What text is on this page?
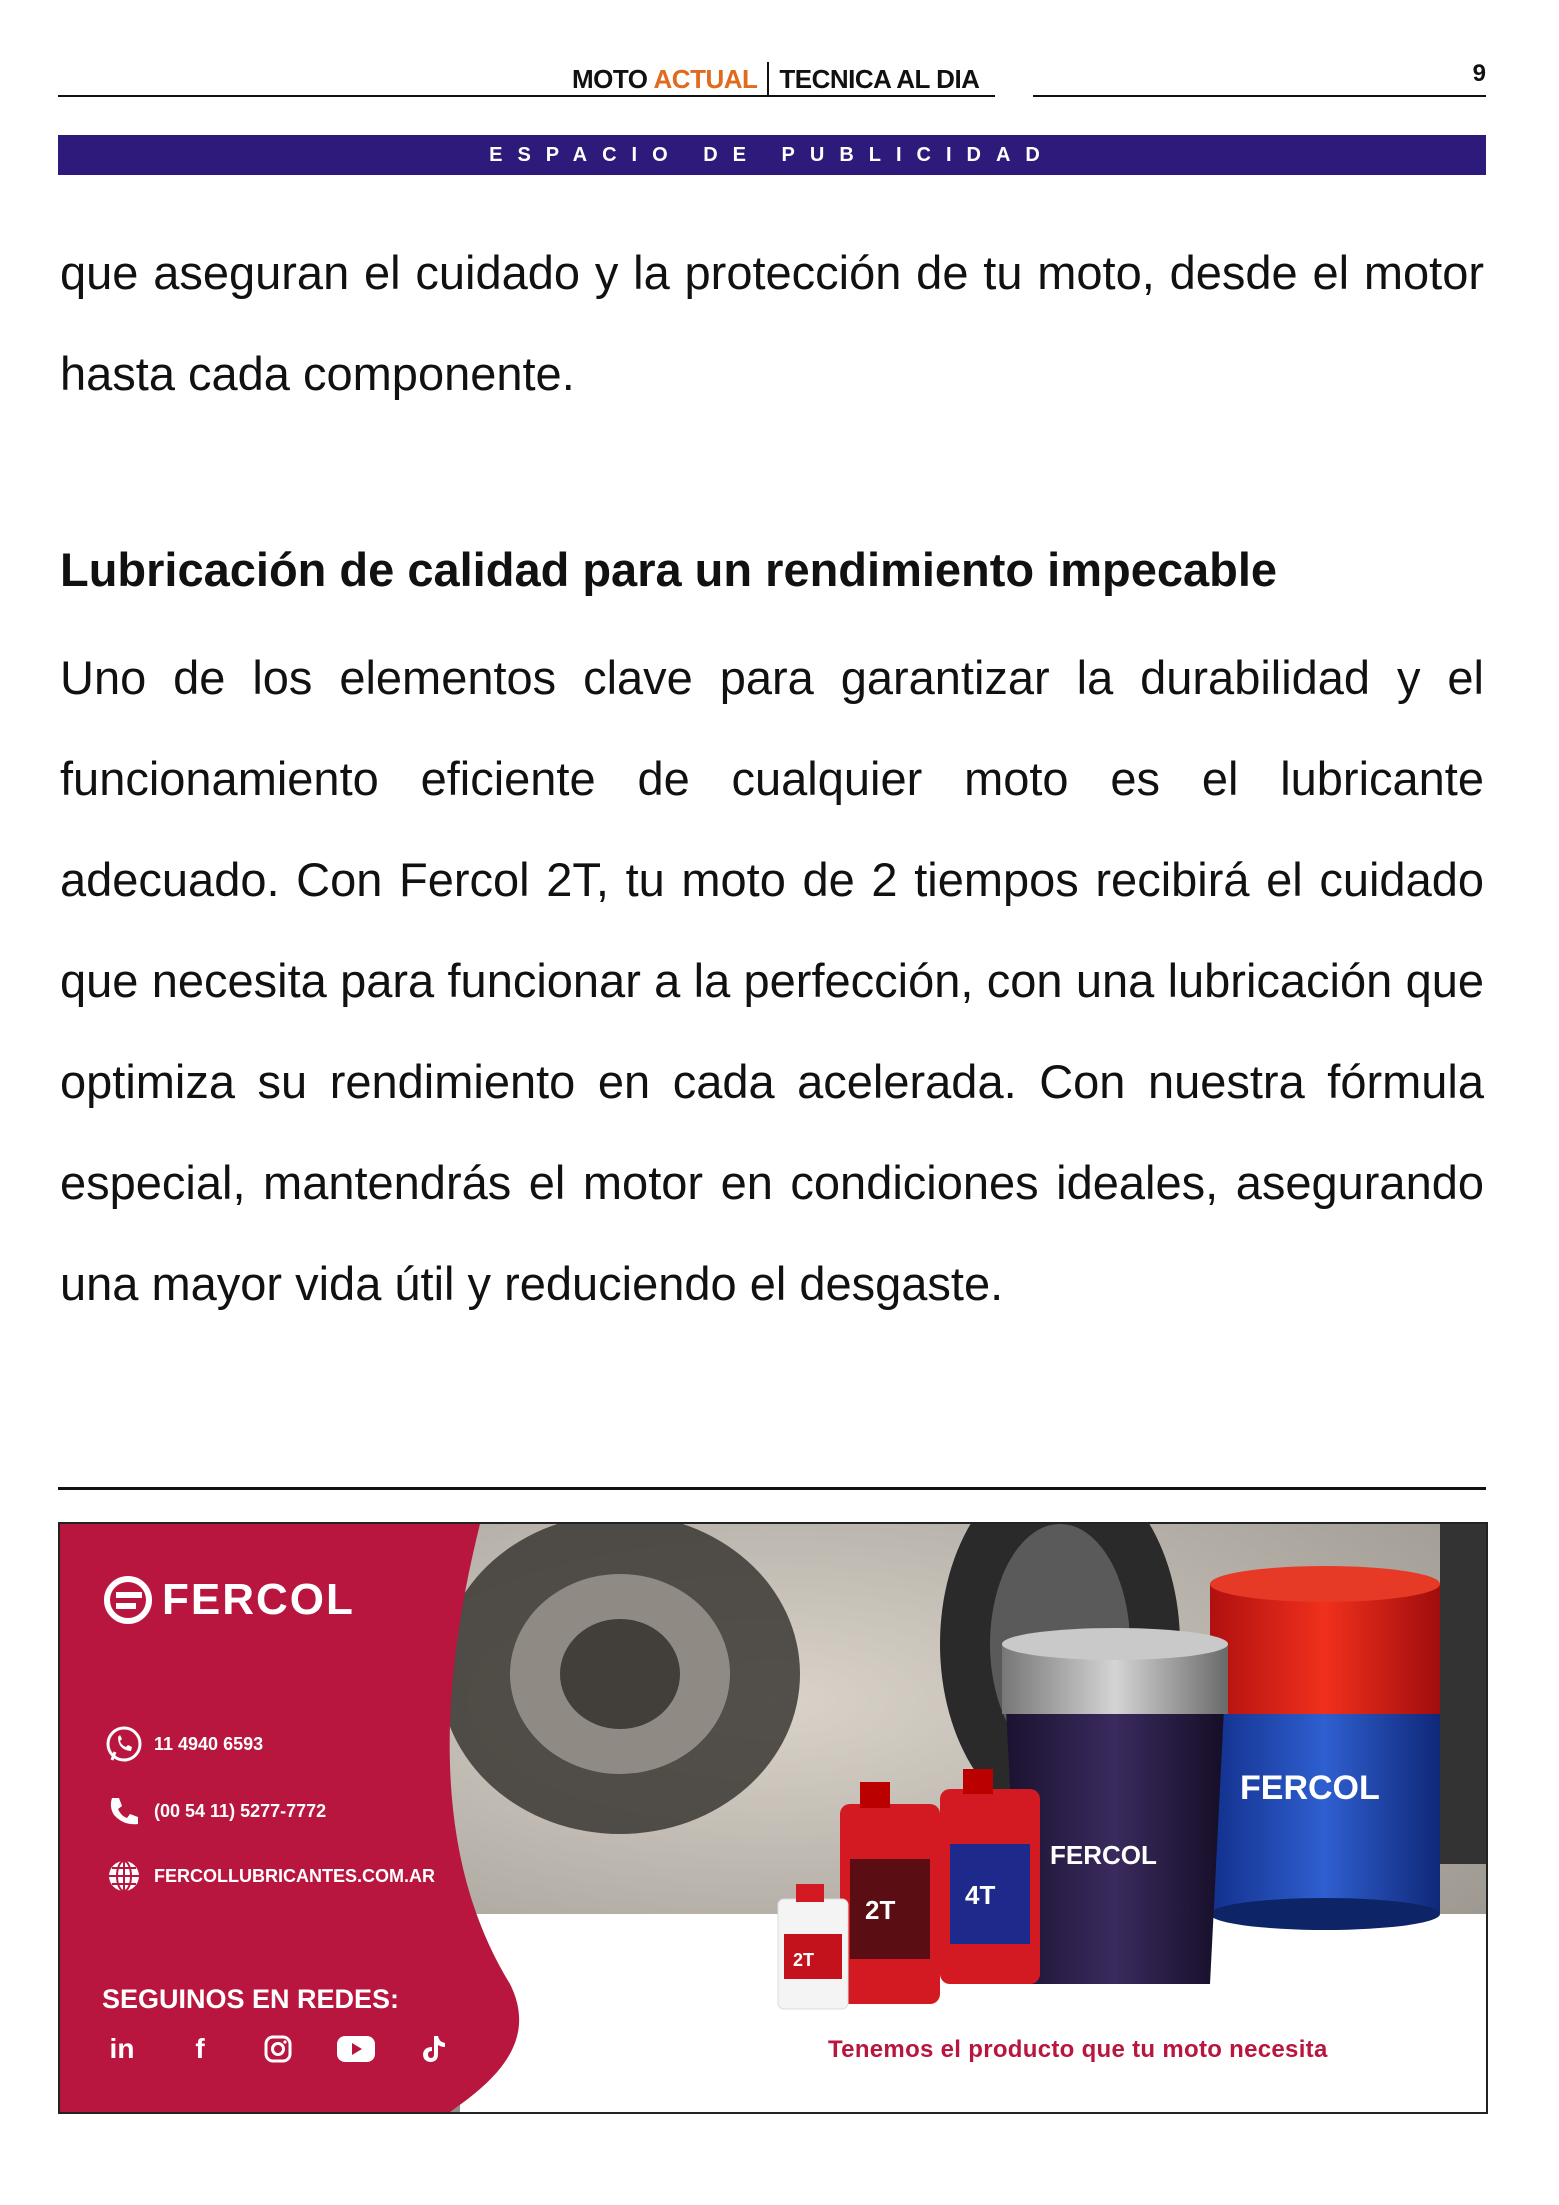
MOTO ACTUAL TECNICA AL DIA	9
ESPACIO DE PUBLICIDAD

que aseguran el cuidado y la protección de tu moto, desde el motor hasta cada componente.

Lubricación de calidad para un rendimiento impecable

Uno de los elementos clave para garantizar la durabilidad y el funcionamiento eficiente de cualquier moto es el lubricante adecuado. Con Fercol 2T, tu moto de 2 tiempos recibirá el cuidado que necesita para funcionar a la perfección, con una lubricación que optimiza su rendimiento en cada acelerada. Con nuestra fórmula especial, mantendrás el motor en condiciones ideales, asegurando una mayor vida útil y reduciendo el desgaste.

FERCOL
FERCOL
4T
2T
2T
FERCOL
11 4940 6593
(00 54 11) 5277-7772
FERCOLLUBRICANTES.COM.AR
SEGUINOS EN REDES:
in	f	Tenemos el producto que tu moto necesita
